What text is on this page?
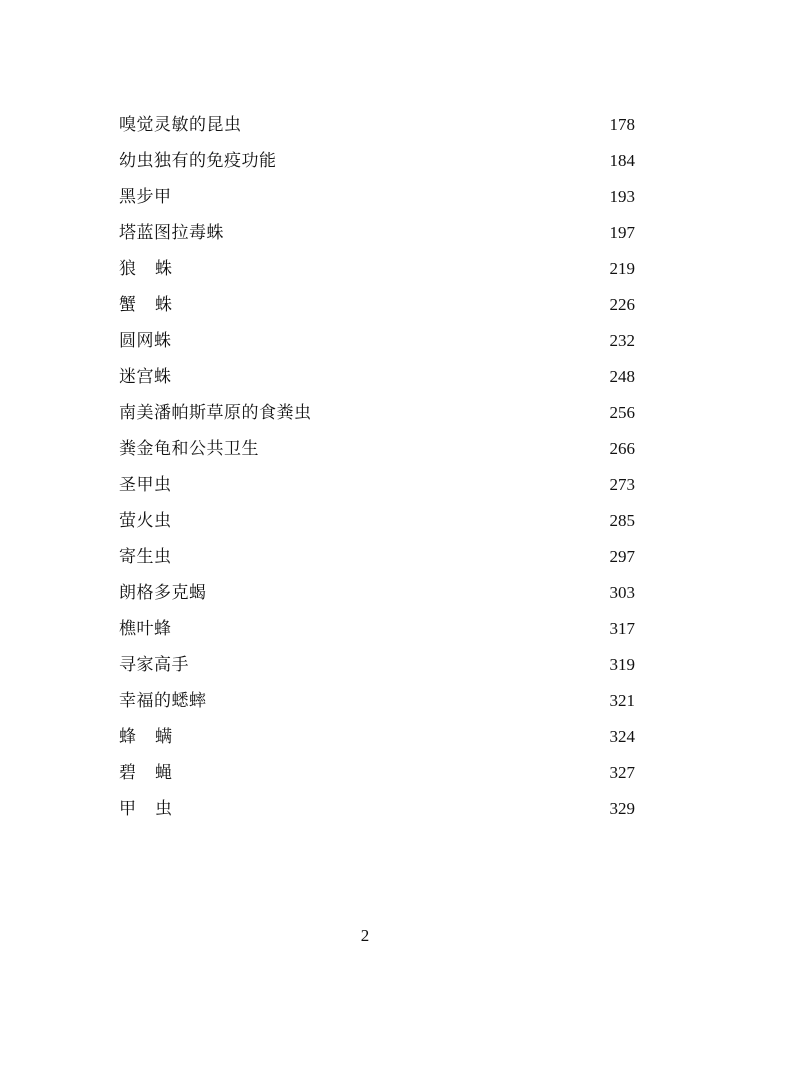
嗅觉灵敏的昆虫	178
幼虫独有的免疫功能	184
黑步甲	193
塔蓝图拉毒蛛	197
狼蛛	219
蟹蛛	226
圆网蛛	232
迷宫蛛	248
南美潘帕斯草原的食粪虫	256
粪金龟和公共卫生	266
圣甲虫	273
萤火虫	285
寄生虫	297
朗格多克蝎	303
樵叶蜂	317
寻家高手	319
幸福的蟋蟀	321
蜂螨	324
碧蝇	327
甲虫	329
2
